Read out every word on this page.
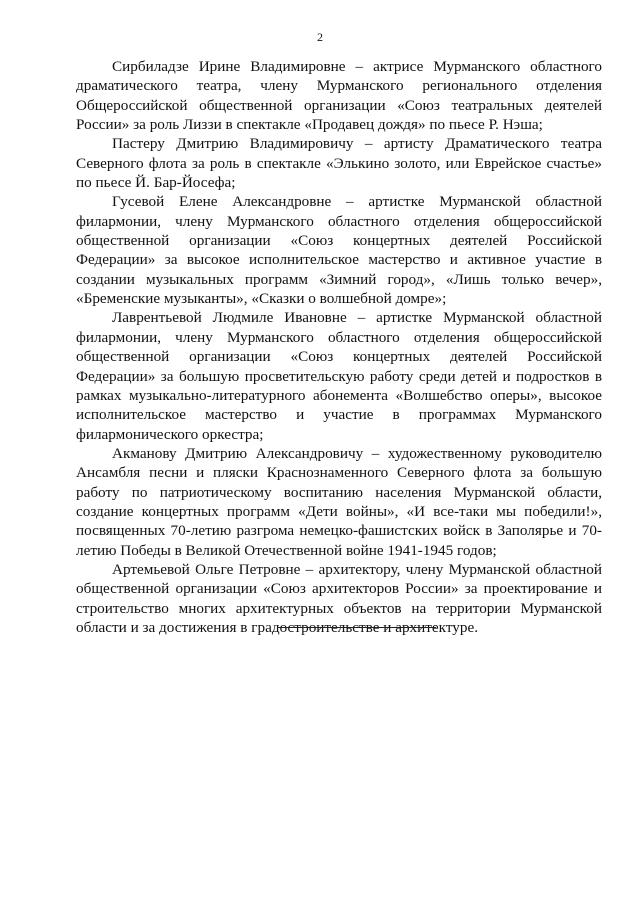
2

Сирбиладзе Ирине Владимировне – актрисе Мурманского областного драматического театра, члену Мурманского регионального отделения Общероссийской общественной организации «Союз театральных деятелей России» за роль Лиззи в спектакле «Продавец дождя» по пьесе Р. Нэша;

Пастеру Дмитрию Владимировичу – артисту Драматического театра Северного флота за роль в спектакле «Элькино золото, или Еврейское счастье» по пьесе Й. Бар-Йосефа;

Гусевой Елене Александровне – артистке Мурманской областной филармонии, члену Мурманского областного отделения общероссийской общественной организации «Союз концертных деятелей Российской Федерации» за высокое исполнительское мастерство и активное участие в создании музыкальных программ «Зимний город», «Лишь только вечер», «Бременские музыканты», «Сказки о волшебной домре»;

Лаврентьевой Людмиле Ивановне – артистке Мурманской областной филармонии, члену Мурманского областного отделения общероссийской общественной организации «Союз концертных деятелей Российской Федерации» за большую просветительскую работу среди детей и подростков в рамках музыкально-литературного абонемента «Волшебство оперы», высокое исполнительское мастерство и участие в программах Мурманского филармонического оркестра;

Акманову Дмитрию Александровичу – художественному руководителю Ансамбля песни и пляски Краснознаменного Северного флота за большую работу по патриотическому воспитанию населения Мурманской области, создание концертных программ «Дети войны», «И все-таки мы победили!», посвященных 70-летию разгрома немецко-фашистских войск в Заполярье и 70-летию Победы в Великой Отечественной войне 1941-1945 годов;

Артемьевой Ольге Петровне – архитектору, члену Мурманской областной общественной организации «Союз архитекторов России» за проектирование и строительство многих архитектурных объектов на территории Мурманской области и за достижения в градостроительстве и архитектуре.
